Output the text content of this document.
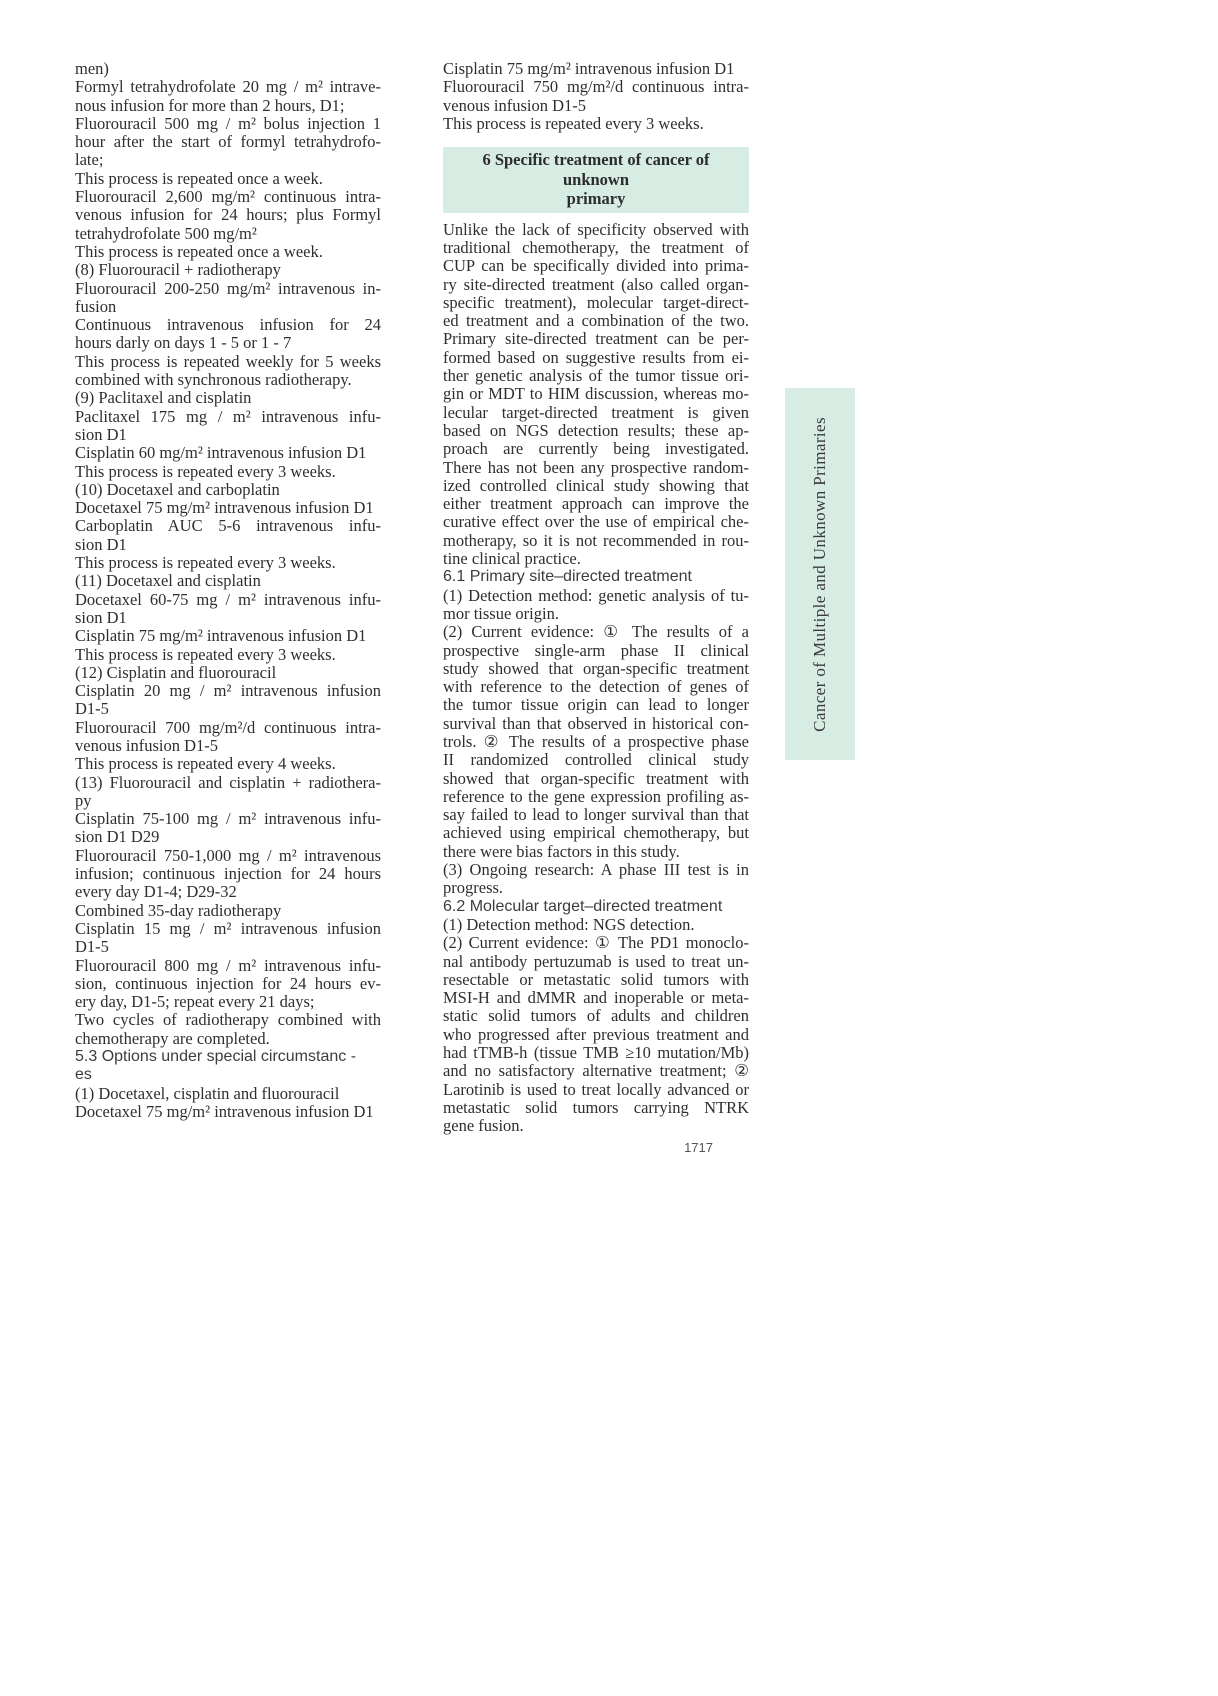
men)
Formyl tetrahydrofolate 20 mg / m² intrave-
nous infusion for more than 2 hours, D1;
Fluorouracil 500 mg / m² bolus injection 1
hour after the start of formyl tetrahydrofo-
late;
This process is repeated once a week.
Fluorouracil 2,600 mg/m² continuous intra-
venous infusion for 24 hours; plus Formyl
tetrahydrofolate 500 mg/m²
This process is repeated once a week.
(8) Fluorouracil + radiotherapy
Fluorouracil 200-250 mg/m² intravenous in-
fusion
Continuous intravenous infusion for 24
hours darly on days 1 - 5 or 1 - 7
This process is repeated weekly for 5 weeks
combined with synchronous radiotherapy.
(9) Paclitaxel and cisplatin
Paclitaxel 175 mg / m² intravenous infu-
sion D1
Cisplatin 60 mg/m² intravenous infusion D1
This process is repeated every 3 weeks.
(10) Docetaxel and carboplatin
Docetaxel 75 mg/m² intravenous infusion D1
Carboplatin AUC 5-6 intravenous infu-
sion D1
This process is repeated every 3 weeks.
(11) Docetaxel and cisplatin
Docetaxel 60-75 mg / m² intravenous infu-
sion D1
Cisplatin 75 mg/m² intravenous infusion D1
This process is repeated every 3 weeks.
(12) Cisplatin and fluorouracil
Cisplatin 20 mg / m² intravenous infusion
D1-5
Fluorouracil 700 mg/m²/d continuous intra-
venous infusion D1-5
This process is repeated every 4 weeks.
(13) Fluorouracil and cisplatin + radiothera-
py
Cisplatin 75-100 mg / m² intravenous infu-
sion D1 D29
Fluorouracil 750-1,000 mg / m² intravenous
infusion; continuous injection for 24 hours
every day D1-4; D29-32
Combined 35-day radiotherapy
Cisplatin 15 mg / m² intravenous infusion
D1-5
Fluorouracil 800 mg / m² intravenous infu-
sion, continuous injection for 24 hours ev-
ery day, D1-5; repeat every 21 days;
Two cycles of radiotherapy combined with
chemotherapy are completed.
5.3 Options under special circumstanc -
es
(1) Docetaxel, cisplatin and fluorouracil
Docetaxel 75 mg/m² intravenous infusion D1
Cisplatin 75 mg/m² intravenous infusion D1
Fluorouracil 750 mg/m²/d continuous intra-
venous infusion D1-5
This process is repeated every 3 weeks.
6 Specific treatment of cancer of unknown
primary
Unlike the lack of specificity observed with
traditional chemotherapy, the treatment of
CUP can be specifically divided into prima-
ry site-directed treatment (also called organ-
specific treatment), molecular target-direct-
ed treatment and a combination of the two.
Primary site-directed treatment can be per-
formed based on suggestive results from ei-
ther genetic analysis of the tumor tissue ori-
gin or MDT to HIM discussion, whereas mo-
lecular target-directed treatment is given
based on NGS detection results; these ap-
proach are currently being investigated.
There has not been any prospective random-
ized controlled clinical study showing that
either treatment approach can improve the
curative effect over the use of empirical che-
motherapy, so it is not recommended in rou-
tine clinical practice.
6.1 Primary site–directed treatment
(1) Detection method: genetic analysis of tu-
mor tissue origin.
(2) Current evidence: ① The results of a
prospective single-arm phase II clinical
study showed that organ-specific treatment
with reference to the detection of genes of
the tumor tissue origin can lead to longer
survival than that observed in historical con-
trols. ② The results of a prospective phase
II randomized controlled clinical study
showed that organ-specific treatment with
reference to the gene expression profiling as-
say failed to lead to longer survival than that
achieved using empirical chemotherapy, but
there were bias factors in this study.
(3) Ongoing research: A phase III test is in
progress.
6.2 Molecular target–directed treatment
(1) Detection method: NGS detection.
(2) Current evidence: ① The PD1 monoclo-
nal antibody pertuzumab is used to treat un-
resectable or metastatic solid tumors with
MSI-H and dMMR and inoperable or meta-
static solid tumors of adults and children
who progressed after previous treatment and
had tTMB-h (tissue TMB ≥10 mutation/Mb)
and no satisfactory alternative treatment; ②
Larotinib is used to treat locally advanced or
metastatic solid tumors carrying NTRK
gene fusion.
Cancer of Multiple and Unknown Primaries
1717
